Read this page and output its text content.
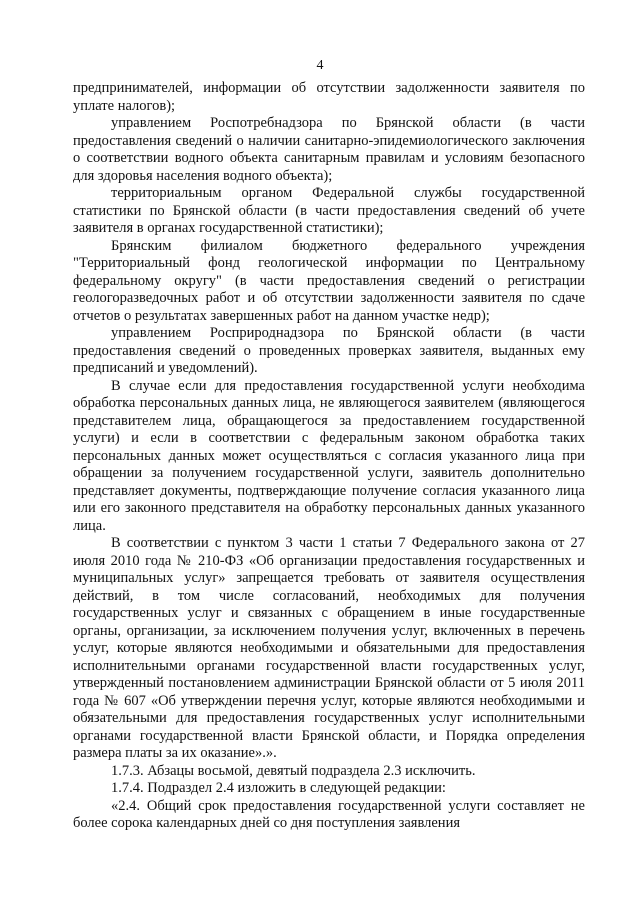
4

предпринимателей, информации об отсутствии задолженности заявителя по уплате налогов);

управлением Роспотребнадзора по Брянской области (в части предоставления сведений о наличии санитарно-эпидемиологического заключения о соответствии водного объекта санитарным правилам и условиям безопасного для здоровья населения водного объекта);

территориальным органом Федеральной службы государственной статистики по Брянской области (в части предоставления сведений об учете заявителя в органах государственной статистики);

Брянским филиалом бюджетного федерального учреждения "Территориальный фонд геологической информации по Центральному федеральному округу" (в части предоставления сведений о регистрации геологоразведочных работ и об отсутствии задолженности заявителя по сдаче отчетов о результатах завершенных работ на данном участке недр);

управлением Росприроднадзора по Брянской области (в части предоставления сведений о проведенных проверках заявителя, выданных ему предписаний и уведомлений).

В случае если для предоставления государственной услуги необходима обработка персональных данных лица, не являющегося заявителем (являющегося представителем лица, обращающегося за предоставлением государственной услуги) и если в соответствии с федеральным законом обработка таких персональных данных может осуществляться с согласия указанного лица при обращении за получением государственной услуги, заявитель дополнительно представляет документы, подтверждающие получение согласия указанного лица или его законного представителя на обработку персональных данных указанного лица.

В соответствии с пунктом 3 части 1 статьи 7 Федерального закона от 27 июля 2010 года № 210-ФЗ «Об организации предоставления государственных и муниципальных услуг» запрещается требовать от заявителя осуществления действий, в том числе согласований, необходимых для получения государственных услуг и связанных с обращением в иные государственные органы, организации, за исключением получения услуг, включенных в перечень услуг, которые являются необходимыми и обязательными для предоставления исполнительными органами государственной власти государственных услуг, утвержденный постановлением администрации Брянской области от 5 июля 2011 года № 607 «Об утверждении перечня услуг, которые являются необходимыми и обязательными для предоставления государственных услуг исполнительными органами государственной власти Брянской области, и Порядка определения размера платы за их оказание».».

1.7.3. Абзацы восьмой, девятый подраздела 2.3 исключить.

1.7.4. Подраздел 2.4 изложить в следующей редакции:

«2.4. Общий срок предоставления государственной услуги составляет не более сорока календарных дней со дня поступления заявления
